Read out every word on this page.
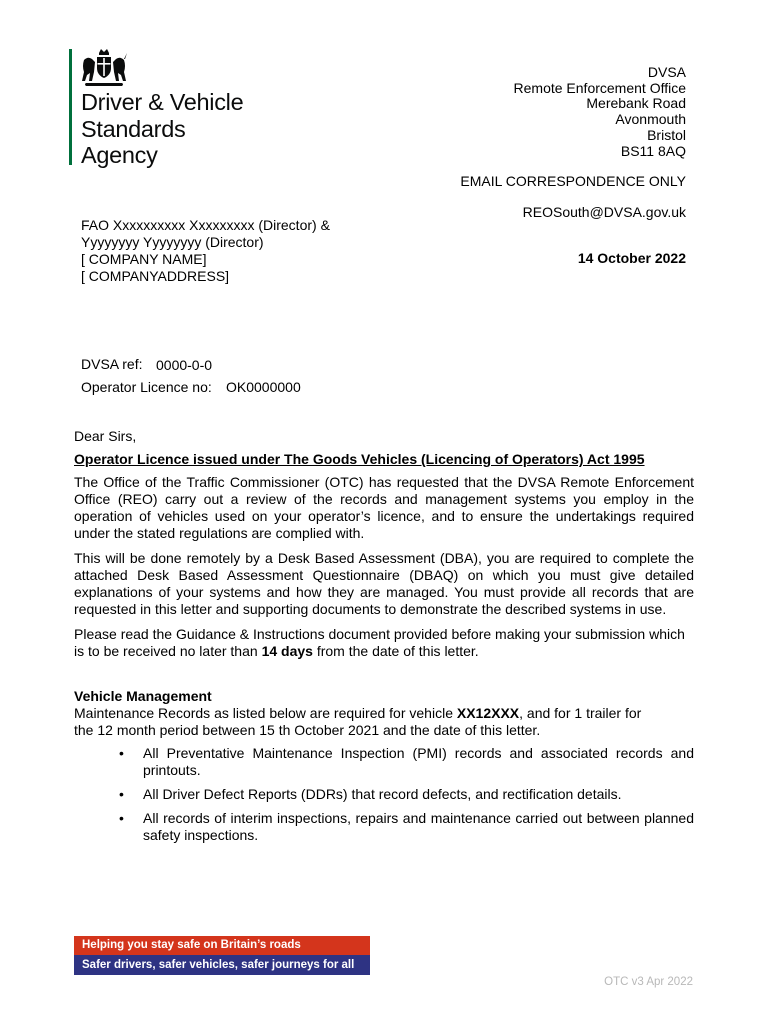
Driver & Vehicle
Standards
Agency
DVSA
Remote Enforcement Office
Merebank Road
Avonmouth
Bristol
BS11 8AQ
EMAIL CORRESPONDENCE ONLY
REOSouth@DVSA.gov.uk
14 October 2022
FAO Xxxxxxxxxx Xxxxxxxxx (Director) &
Yyyyyyyy Yyyyyyyy (Director)
[ COMPANY NAME]
[ COMPANYADDRESS]
DVSA ref: 0000-0-0
Operator Licence no: OK0000000
Dear Sirs,
Operator Licence issued under The Goods Vehicles (Licencing of Operators) Act 1995
The Office of the Traffic Commissioner (OTC) has requested that the DVSA Remote Enforcement Office (REO) carry out a review of the records and management systems you employ in the operation of vehicles used on your operator’s licence, and to ensure the undertakings required under the stated regulations are complied with.
This will be done remotely by a Desk Based Assessment (DBA), you are required to complete the attached Desk Based Assessment Questionnaire (DBAQ) on which you must give detailed explanations of your systems and how they are managed. You must provide all records that are requested in this letter and supporting documents to demonstrate the described systems in use.
Please read the Guidance & Instructions document provided before making your submission which is to be received no later than 14 days from the date of this letter.
Vehicle Management
Maintenance Records as listed below are required for vehicle XX12XXX, and for 1 trailer for
the 12 month period between 15 th October 2021 and the date of this letter.
• All Preventative Maintenance Inspection (PMI) records and associated records and printouts.
• All Driver Defect Reports (DDRs) that record defects, and rectification details.
• All records of interim inspections, repairs and maintenance carried out between planned safety inspections.
Helping you stay safe on Britain’s roads
Safer drivers, safer vehicles, safer journeys for all
OTC v3 Apr 2022
